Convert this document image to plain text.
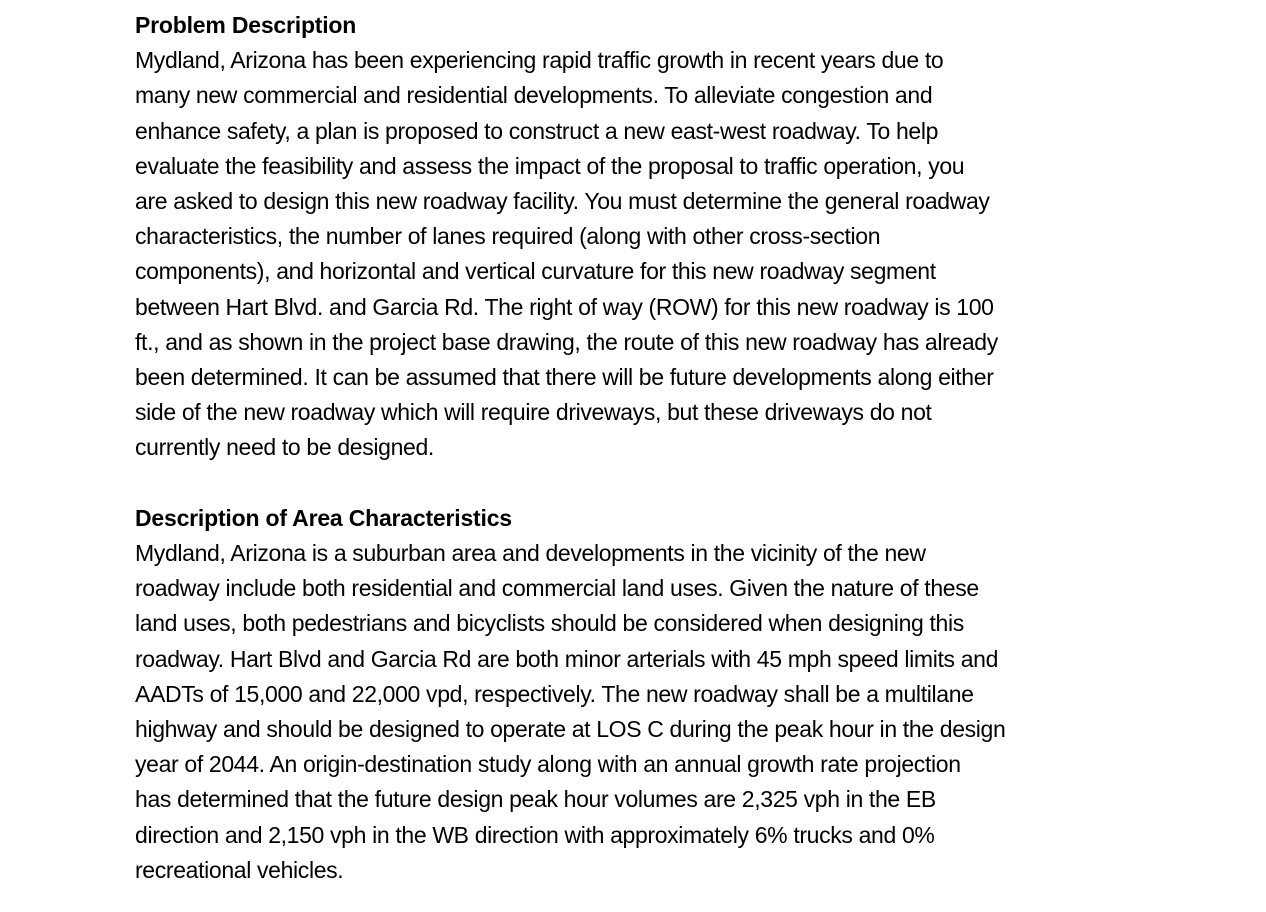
Problem Description

Mydland, Arizona has been experiencing rapid traffic growth in recent years due to
many new commercial and residential developments. To alleviate congestion and
enhance safety, a plan is proposed to construct a new east-west roadway. To help
evaluate the feasibility and assess the impact of the proposal to traffic operation, you
are asked to design this new roadway facility. You must determine the general roadway
characteristics, the number of lanes required (along with other cross-section
components), and horizontal and vertical curvature for this new roadway segment
between Hart Blvd. and Garcia Rd. The right of way (ROW) for this new roadway is 100
ft., and as shown in the project base drawing, the route of this new roadway has already
been determined. It can be assumed that there will be future developments along either
side of the new roadway which will require driveways, but these driveways do not
currently need to be designed.

Description of Area Characteristics

Mydland, Arizona is a suburban area and developments in the vicinity of the new
roadway include both residential and commercial land uses. Given the nature of these
land uses, both pedestrians and bicyclists should be considered when designing this
roadway. Hart Blvd and Garcia Rd are both minor arterials with 45 mph speed limits and
AADTs of 15,000 and 22,000 vpd, respectively. The new roadway shall be a multilane
highway and should be designed to operate at LOS C during the peak hour in the design
year of 2044. An origin-destination study along with an annual growth rate projection
has determined that the future design peak hour volumes are 2,325 vph in the EB
direction and 2,150 vph in the WB direction with approximately 6% trucks and 0%
recreational vehicles.
